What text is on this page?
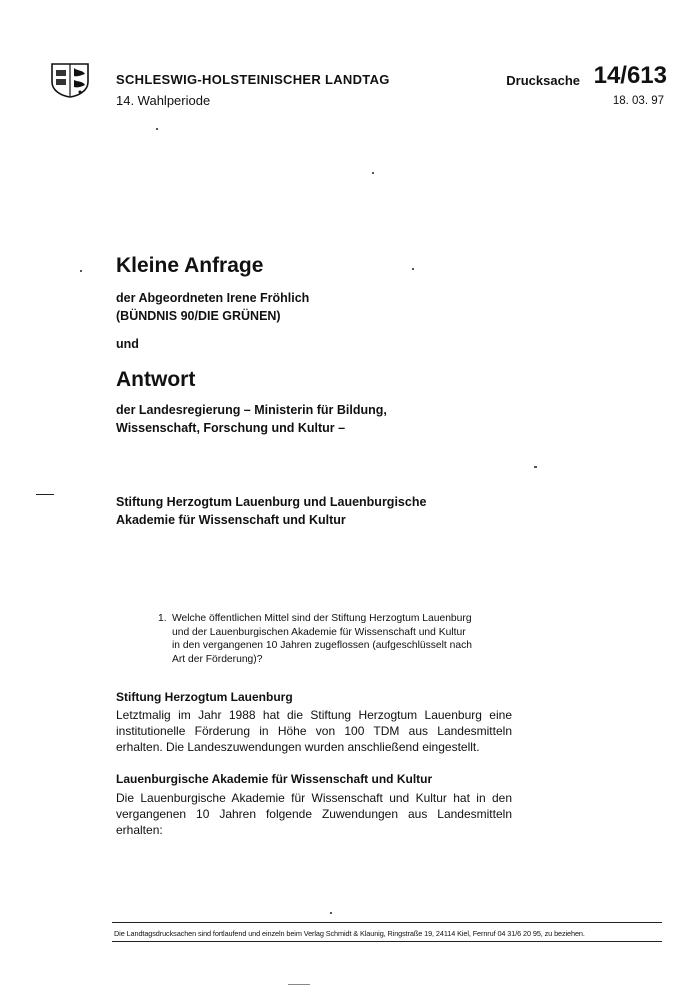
SCHLESWIG-HOLSTEINISCHER LANDTAG
14. Wahlperiode
Drucksache 14/613
18. 03. 97
Kleine Anfrage
der Abgeordneten Irene Fröhlich
(BÜNDNIS 90/DIE GRÜNEN)
und
Antwort
der Landesregierung – Ministerin für Bildung,
Wissenschaft, Forschung und Kultur –
Stiftung Herzogtum Lauenburg und Lauenburgische
Akademie für Wissenschaft und Kultur
1. Welche öffentlichen Mittel sind der Stiftung Herzogtum Lauenburg
und der Lauenburgischen Akademie für Wissenschaft und Kultur
in den vergangenen 10 Jahren zugeflossen (aufgeschlüsselt nach
Art der Förderung)?
Stiftung Herzogtum Lauenburg
Letztmalig im Jahr 1988 hat die Stiftung Herzogtum Lauenburg eine institutionelle Förderung in Höhe von 100 TDM aus Landesmitteln erhalten. Die Landeszuwendungen wurden anschließend eingestellt.
Lauenburgische Akademie für Wissenschaft und Kultur
Die Lauenburgische Akademie für Wissenschaft und Kultur hat in den vergangenen 10 Jahren folgende Zuwendungen aus Landesmitteln erhalten:
Die Landtagsdrucksachen sind fortlaufend und einzeln beim Verlag Schmidt & Klaunig, Ringstraße 19, 24114 Kiel, Fernruf 04 31/6 20 95, zu beziehen.
